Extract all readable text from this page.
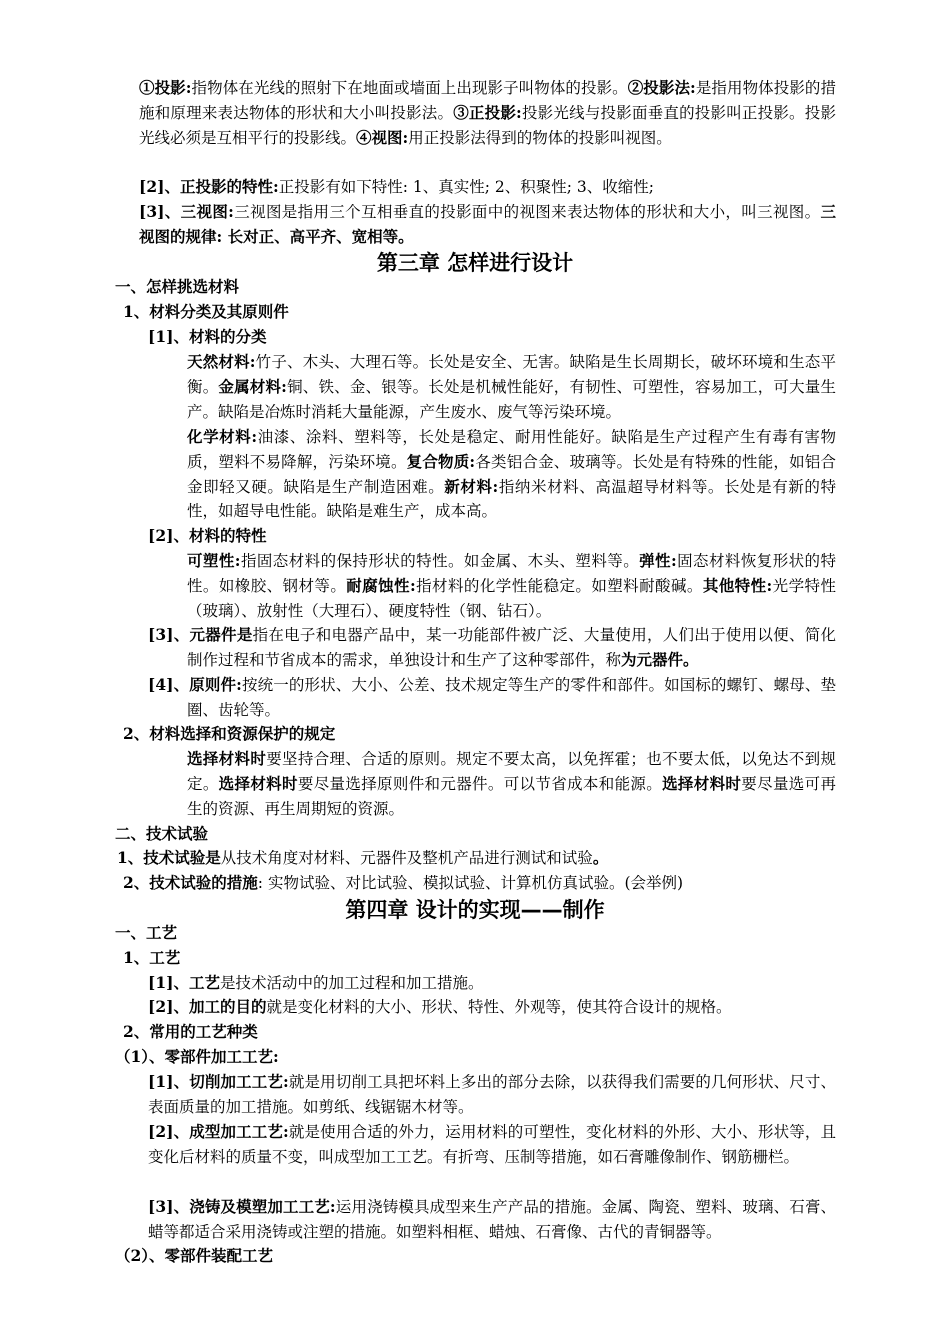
①投影:指物体在光线的照射下在地面或墙面上出现影子叫物体的投影。②投影法:是指用物体投影的措施和原理来表达物体的形状和大小叫投影法。③正投影:投影光线与投影面垂直的投影叫正投影。投影光线必须是互相平行的投影线。④视图:用正投影法得到的物体的投影叫视图。
[2]、正投影的特性:正投影有如下特性: 1、真实性; 2、积聚性; 3、收缩性;
[3]、三视图:三视图是指用三个互相垂直的投影面中的视图来表达物体的形状和大小，叫三视图。三视图的规律: 长对正、高平齐、宽相等。
第三章 怎样进行设计
一、怎样挑选材料
1、材料分类及其原则件
[1]、材料的分类
天然材料:竹子、木头、大理石等。长处是安全、无害。缺陷是生长周期长，破坏环境和生态平衡。金属材料:铜、铁、金、银等。长处是机械性能好，有韧性、可塑性，容易加工，可大量生产。缺陷是冶炼时消耗大量能源，产生废水、废气等污染环境。
化学材料:油漆、涂料、塑料等，长处是稳定、耐用性能好。缺陷是生产过程产生有毒有害物质，塑料不易降解，污染环境。复合物质:各类铝合金、玻璃等。长处是有特殊的性能，如铝合金即轻又硬。缺陷是生产制造困难。新材料:指纳米材料、高温超导材料等。长处是有新的特性，如超导电性能。缺陷是难生产，成本高。
[2]、材料的特性
可塑性:指固态材料的保持形状的特性。如金属、木头、塑料等。弹性:固态材料恢复形状的特性。如橡胶、钢材等。耐腐蚀性:指材料的化学性能稳定。如塑料耐酸碱。其他特性:光学特性（玻璃）、放射性（大理石）、硬度特性（钢、钻石）。
[3]、元器件是指在电子和电器产品中，某一功能部件被广泛、大量使用，人们出于使用以便、简化制作过程和节省成本的需求，单独设计和生产了这种零部件，称为元器件。
[4]、原则件:按统一的形状、大小、公差、技术规定等生产的零件和部件。如国标的螺钉、螺母、垫圈、齿轮等。
2、材料选择和资源保护的规定
选择材料时要坚持合理、合适的原则。规定不要太高，以免挥霍；也不要太低，以免达不到规定。选择材料时要尽量选择原则件和元器件。可以节省成本和能源。选择材料时要尽量选可再生的资源、再生周期短的资源。
二、技术试验
1、技术试验是从技术角度对材料、元器件及整机产品进行测试和试验。
2、技术试验的措施: 实物试验、对比试验、模拟试验、计算机仿真试验。(会举例)
第四章 设计的实现——制作
一、工艺
1、工艺
[1]、工艺是技术活动中的加工过程和加工措施。
[2]、加工的目的就是变化材料的大小、形状、特性、外观等，使其符合设计的规格。
2、常用的工艺种类
（1）、零部件加工工艺:
[1]、切削加工工艺:就是用切削工具把坏料上多出的部分去除，以获得我们需要的几何形状、尺寸、表面质量的加工措施。如剪纸、线锯锯木材等。
[2]、成型加工工艺:就是使用合适的外力，运用材料的可塑性，变化材料的外形、大小、形状等，且变化后材料的质量不变，叫成型加工工艺。有折弯、压制等措施，如石膏雕像制作、钢筋栅栏。
[3]、浇铸及模塑加工工艺:运用浇铸模具成型来生产产品的措施。金属、陶瓷、塑料、玻璃、石膏、蜡等都适合采用浇铸或注塑的措施。如塑料相框、蜡烛、石膏像、古代的青铜器等。
（2）、零部件装配工艺
